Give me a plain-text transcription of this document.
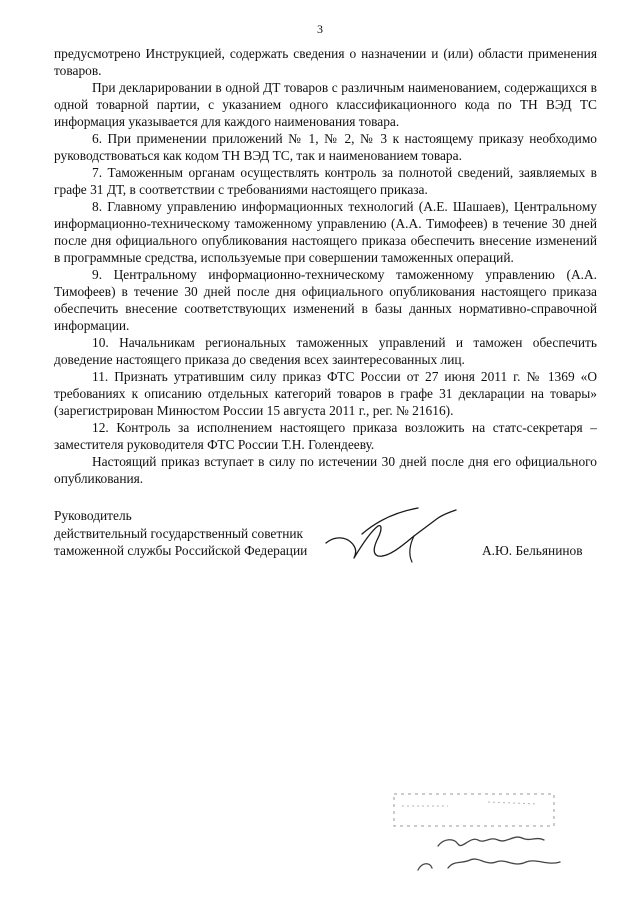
3

предусмотрено Инструкцией, содержать сведения о назначении и (или) области применения товаров.

При декларировании в одной ДТ товаров с различным наименованием, содержащихся в одной товарной партии, с указанием одного классификационного кода по ТН ВЭД ТС информация указывается для каждого наименования товара.

6. При применении приложений № 1, № 2, № 3 к настоящему приказу необходимо руководствоваться как кодом ТН ВЭД ТС, так и наименованием товара.

7. Таможенным органам осуществлять контроль за полнотой сведений, заявляемых в графе 31 ДТ, в соответствии с требованиями настоящего приказа.

8. Главному управлению информационных технологий (А.Е. Шашаев), Центральному информационно-техническому таможенному управлению (А.А. Тимофеев) в течение 30 дней после дня официального опубликования настоящего приказа обеспечить внесение изменений в программные средства, используемые при совершении таможенных операций.

9. Центральному информационно-техническому таможенному управлению (А.А. Тимофеев) в течение 30 дней после дня официального опубликования настоящего приказа обеспечить внесение соответствующих изменений в базы данных нормативно-справочной информации.

10. Начальникам региональных таможенных управлений и таможен обеспечить доведение настоящего приказа до сведения всех заинтересованных лиц.

11. Признать утратившим силу приказ ФТС России от 27 июня 2011 г. № 1369 «О требованиях к описанию отдельных категорий товаров в графе 31 декларации на товары» (зарегистрирован Минюстом России 15 августа 2011 г., рег. № 21616).

12. Контроль за исполнением настоящего приказа возложить на статс-секретаря – заместителя руководителя ФТС России Т.Н. Голендееву.

Настоящий приказ вступает в силу по истечении 30 дней после дня его официального опубликования.

Руководитель
действительный государственный советник
таможенной службы Российской Федерации	А.Ю. Бельянинов
